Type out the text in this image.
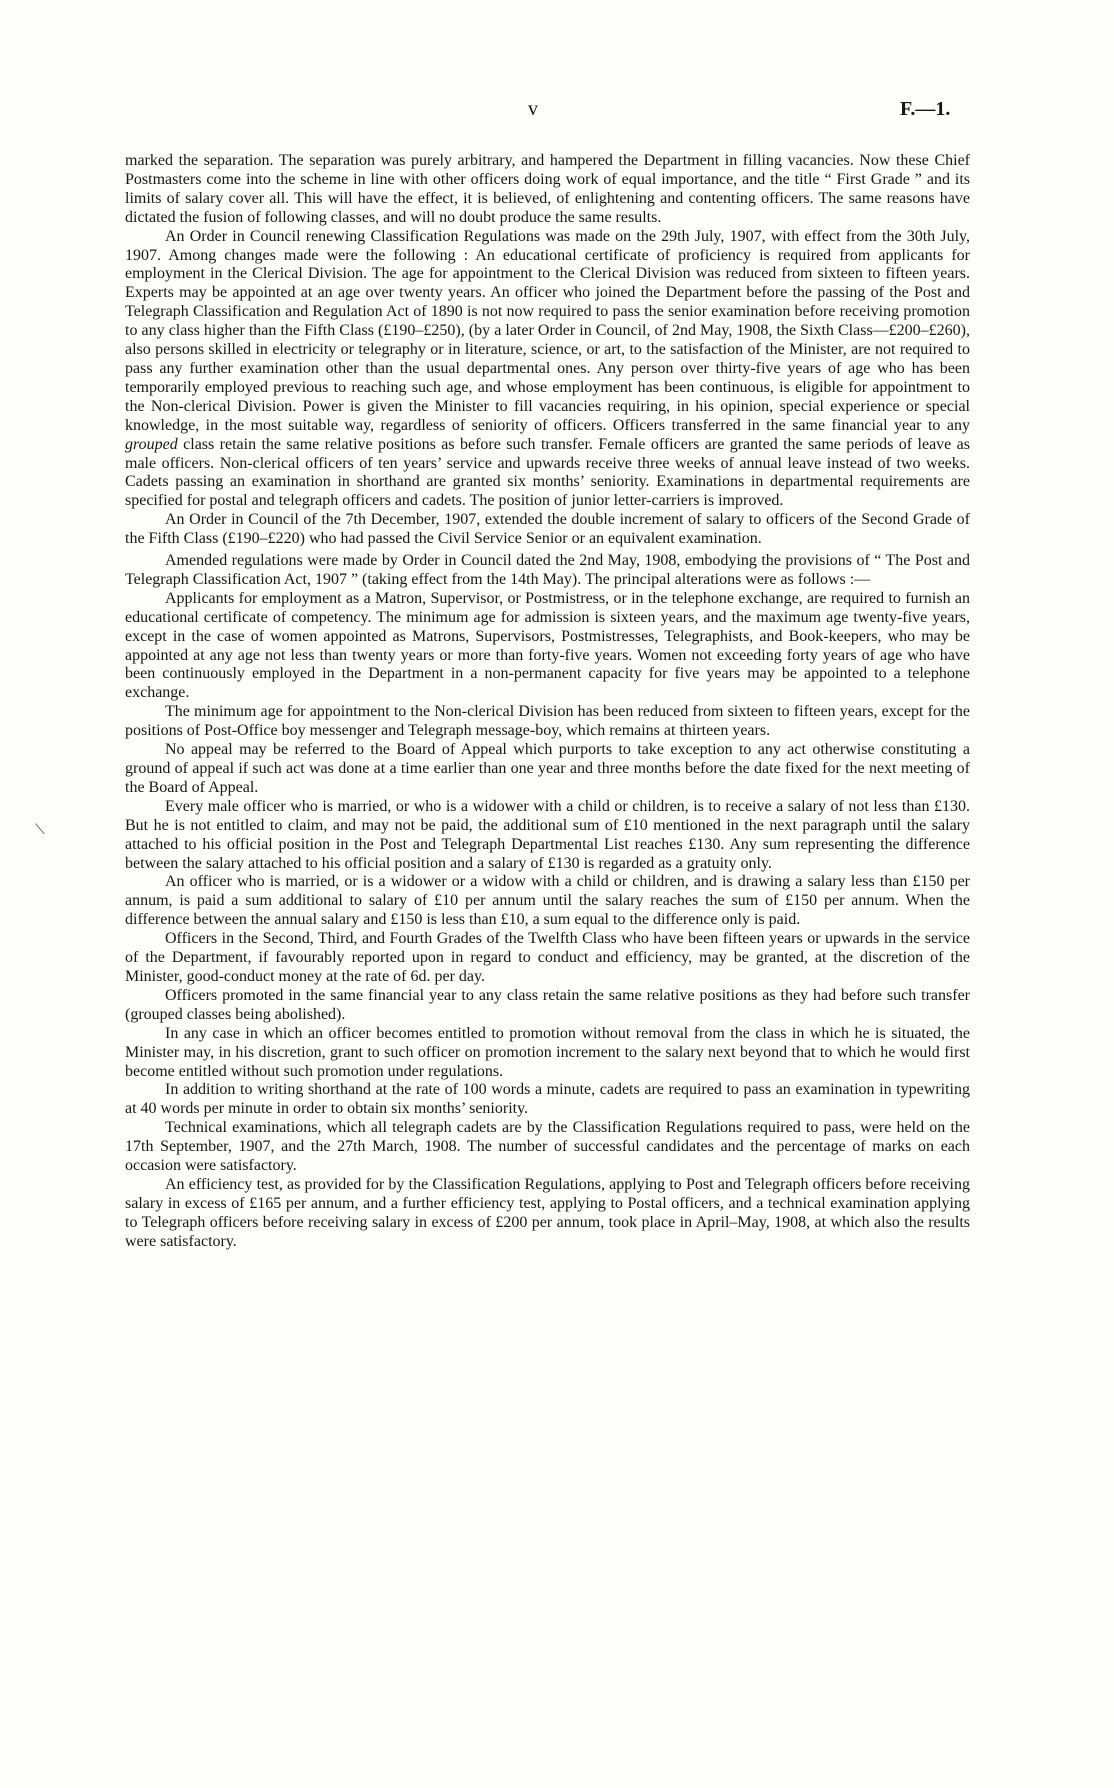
v	F.—1.
⟍

marked the separation. The separation was purely arbitrary, and hampered the Department in filling vacancies. Now these Chief Postmasters come into the scheme in line with other officers doing work of equal importance, and the title “ First Grade ” and its limits of salary cover all. This will have the effect, it is believed, of enlightening and contenting officers. The same reasons have dictated the fusion of following classes, and will no doubt produce the same results.

An Order in Council renewing Classification Regulations was made on the 29th July, 1907, with effect from the 30th July, 1907. Among changes made were the following : An educational certificate of proficiency is required from applicants for employment in the Clerical Division. The age for appointment to the Clerical Division was reduced from sixteen to fifteen years. Experts may be appointed at an age over twenty years. An officer who joined the Department before the passing of the Post and Telegraph Classification and Regulation Act of 1890 is not now required to pass the senior examination before receiving promotion to any class higher than the Fifth Class (£190–£250), (by a later Order in Council, of 2nd May, 1908, the Sixth Class—£200–£260), also persons skilled in electricity or telegraphy or in literature, science, or art, to the satisfaction of the Minister, are not required to pass any further examination other than the usual departmental ones. Any person over thirty-five years of age who has been temporarily employed previous to reaching such age, and whose employment has been continuous, is eligible for appointment to the Non-clerical Division. Power is given the Minister to fill vacancies requiring, in his opinion, special experience or special knowledge, in the most suitable way, regardless of seniority of officers. Officers transferred in the same financial year to any grouped class retain the same relative positions as before such transfer. Female officers are granted the same periods of leave as male officers. Non-clerical officers of ten years’ service and upwards receive three weeks of annual leave instead of two weeks. Cadets passing an examination in shorthand are granted six months’ seniority. Examinations in departmental requirements are specified for postal and telegraph officers and cadets. The position of junior letter-carriers is improved.

An Order in Council of the 7th December, 1907, extended the double increment of salary to officers of the Second Grade of the Fifth Class (£190–£220) who had passed the Civil Service Senior or an equivalent examination.

Amended regulations were made by Order in Council dated the 2nd May, 1908, embodying the provisions of “ The Post and Telegraph Classification Act, 1907 ” (taking effect from the 14th May). The principal alterations were as follows :—

Applicants for employment as a Matron, Supervisor, or Postmistress, or in the telephone exchange, are required to furnish an educational certificate of competency. The minimum age for admission is sixteen years, and the maximum age twenty-five years, except in the case of women appointed as Matrons, Supervisors, Postmistresses, Telegraphists, and Book-keepers, who may be appointed at any age not less than twenty years or more than forty-five years. Women not exceeding forty years of age who have been continuously employed in the Department in a non-permanent capacity for five years may be appointed to a telephone exchange.

The minimum age for appointment to the Non-clerical Division has been reduced from sixteen to fifteen years, except for the positions of Post-Office boy messenger and Telegraph message-boy, which remains at thirteen years.

No appeal may be referred to the Board of Appeal which purports to take exception to any act otherwise constituting a ground of appeal if such act was done at a time earlier than one year and three months before the date fixed for the next meeting of the Board of Appeal.

Every male officer who is married, or who is a widower with a child or children, is to receive a salary of not less than £130. But he is not entitled to claim, and may not be paid, the additional sum of £10 mentioned in the next paragraph until the salary attached to his official position in the Post and Telegraph Departmental List reaches £130. Any sum representing the difference between the salary attached to his official position and a salary of £130 is regarded as a gratuity only.

An officer who is married, or is a widower or a widow with a child or children, and is drawing a salary less than £150 per annum, is paid a sum additional to salary of £10 per annum until the salary reaches the sum of £150 per annum. When the difference between the annual salary and £150 is less than £10, a sum equal to the difference only is paid.

Officers in the Second, Third, and Fourth Grades of the Twelfth Class who have been fifteen years or upwards in the service of the Department, if favourably reported upon in regard to conduct and efficiency, may be granted, at the discretion of the Minister, good-conduct money at the rate of 6d. per day.

Officers promoted in the same financial year to any class retain the same relative positions as they had before such transfer (grouped classes being abolished).

In any case in which an officer becomes entitled to promotion without removal from the class in which he is situated, the Minister may, in his discretion, grant to such officer on promotion increment to the salary next beyond that to which he would first become entitled without such promotion under regulations.

In addition to writing shorthand at the rate of 100 words a minute, cadets are required to pass an examination in typewriting at 40 words per minute in order to obtain six months’ seniority.

Technical examinations, which all telegraph cadets are by the Classification Regulations required to pass, were held on the 17th September, 1907, and the 27th March, 1908. The number of successful candidates and the percentage of marks on each occasion were satisfactory.

An efficiency test, as provided for by the Classification Regulations, applying to Post and Telegraph officers before receiving salary in excess of £165 per annum, and a further efficiency test, applying to Postal officers, and a technical examination applying to Telegraph officers before receiving salary in excess of £200 per annum, took place in April–May, 1908, at which also the results were satisfactory.
